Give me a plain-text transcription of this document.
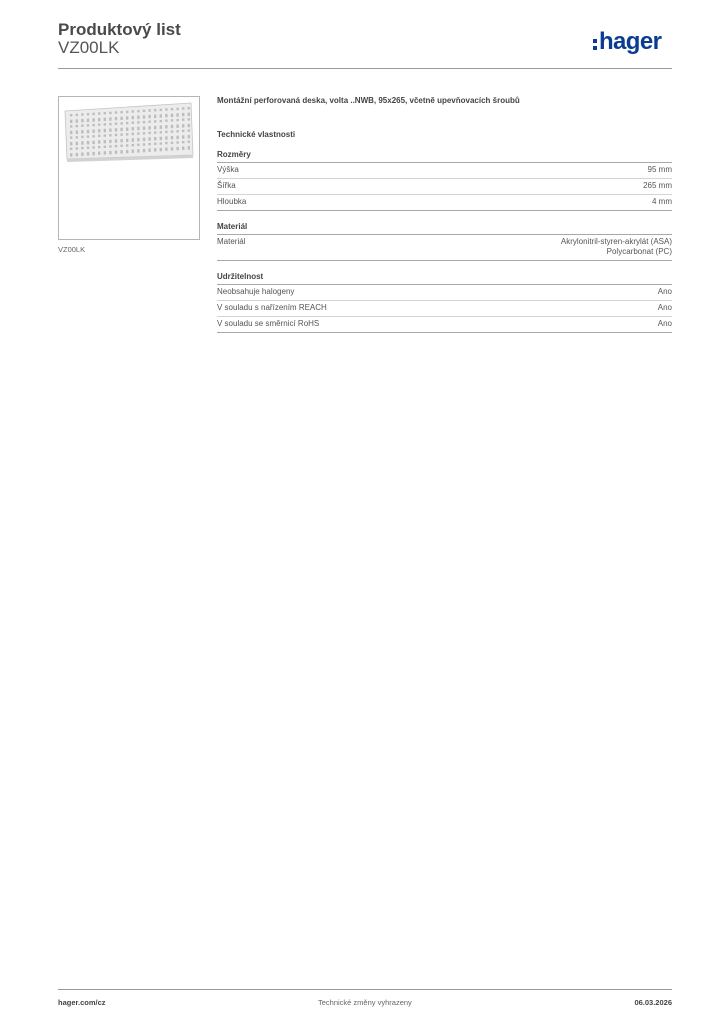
Produktový list
VZ00LK	hager
VZ00LK
Montážní perforovaná deska, volta ..NWB, 95x265, včetně upevňovacích šroubů
Technické vlastnosti
Rozměry
Výška	95 mm
Šířka	265 mm
Hloubka	4 mm
Materiál
Materiál	Akrylonitril-styren-akrylát (ASA)
Polycarbonat (PC)
Udržitelnost
Neobsahuje halogeny	Ano
V souladu s nařízením REACH	Ano
V souladu se směrnicí RoHS	Ano
hager.com/cz	Technické změny vyhrazeny	06.03.2026
